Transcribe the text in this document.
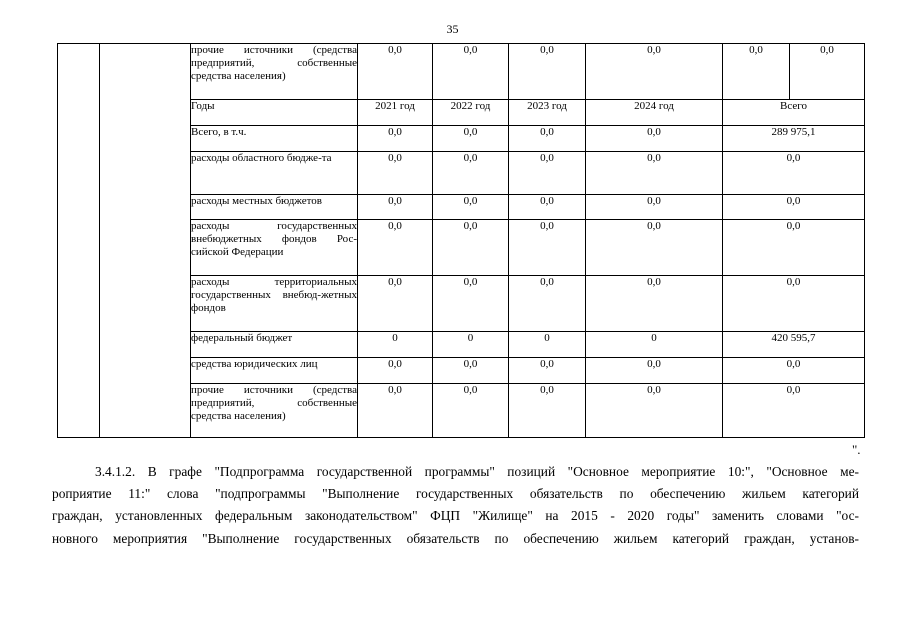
35

		прочие источники (средства предприятий, собственные средства населения)	0,0	0,0	0,0	0,0	0,0	0,0
		Годы	2021 год	2022 год	2023 год	2024 год	Всего	
		Всего, в т.ч.	0,0	0,0	0,0	0,0	289 975,1	

		расходы областного бюдже-та	0,0	0,0	0,0	0,0	0,0	
		расходы местных бюджетов	0,0	0,0	0,0	0,0	0,0	

		расходы государственных внебюджетных фондов Рос-сийской Федерации	0,0	0,0	0,0	0,0	0,0	

		расходы территориальных государственных внебюд-жетных фондов	0,0	0,0	0,0	0,0	0,0	
		федеральный бюджет	0	0	0	0	420 595,7	
		средства юридических лиц	0,0	0,0	0,0	0,0	0,0	

		прочие источники (средства предприятий, собственные средства населения)	0,0	0,0	0,0	0,0	0,0	
".
3.4.1.2. В графе "Подпрограмма государственной программы" позиций "Основное мероприятие 10:", "Основное ме-
роприятие 11:" слова "подпрограммы "Выполнение государственных обязательств по обеспечению жильем категорий
граждан, установленных федеральным законодательством" ФЦП "Жилище" на 2015 - 2020 годы" заменить словами "ос-
новного мероприятия "Выполнение государственных обязательств по обеспечению жильем категорий граждан, установ-
